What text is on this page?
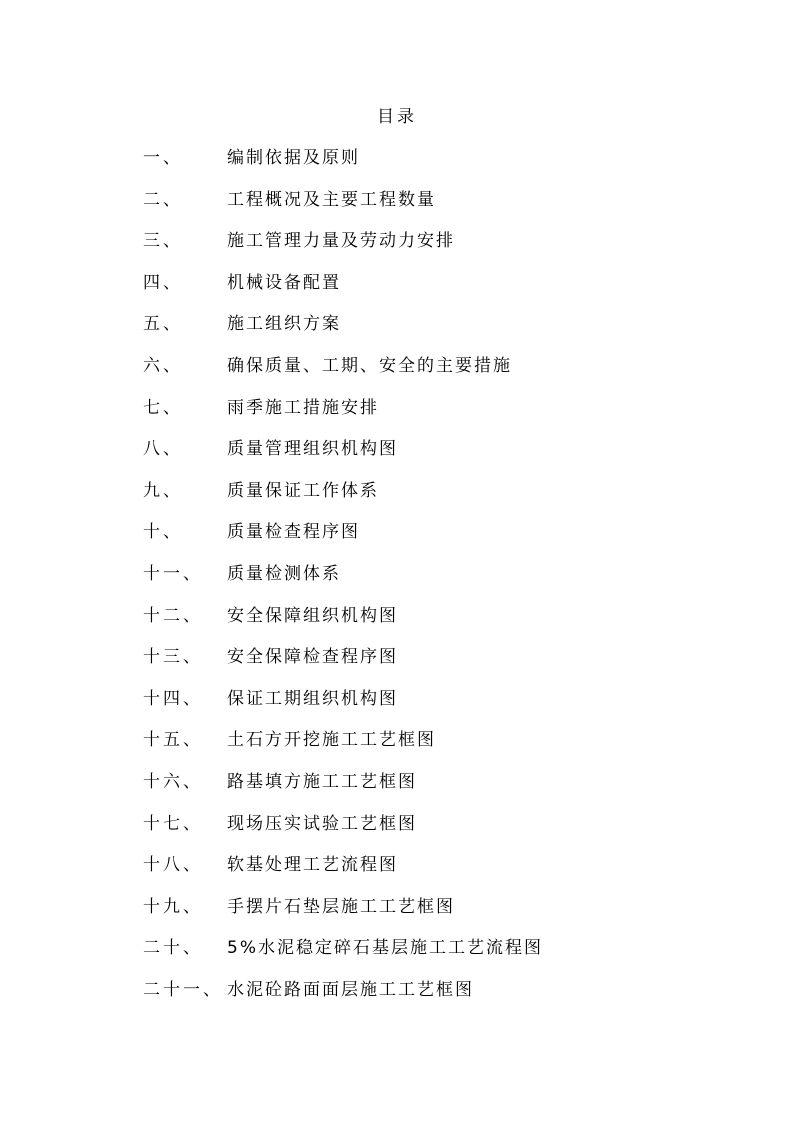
目录
一、	编制依据及原则
二、	工程概况及主要工程数量
三、	施工管理力量及劳动力安排
四、	机械设备配置
五、	施工组织方案
六、	确保质量、工期、安全的主要措施
七、	雨季施工措施安排
八、	质量管理组织机构图
九、	质量保证工作体系
十、	质量检查程序图
十一、 质量检测体系
十二、 安全保障组织机构图
十三、 安全保障检查程序图
十四、 保证工期组织机构图
十五、 土石方开挖施工工艺框图
十六、 路基填方施工工艺框图
十七、 现场压实试验工艺框图
十八、 软基处理工艺流程图
十九、 手摆片石垫层施工工艺框图
二十、 5%水泥稳定碎石基层施工工艺流程图
二十一、 水泥砼路面面层施工工艺框图
